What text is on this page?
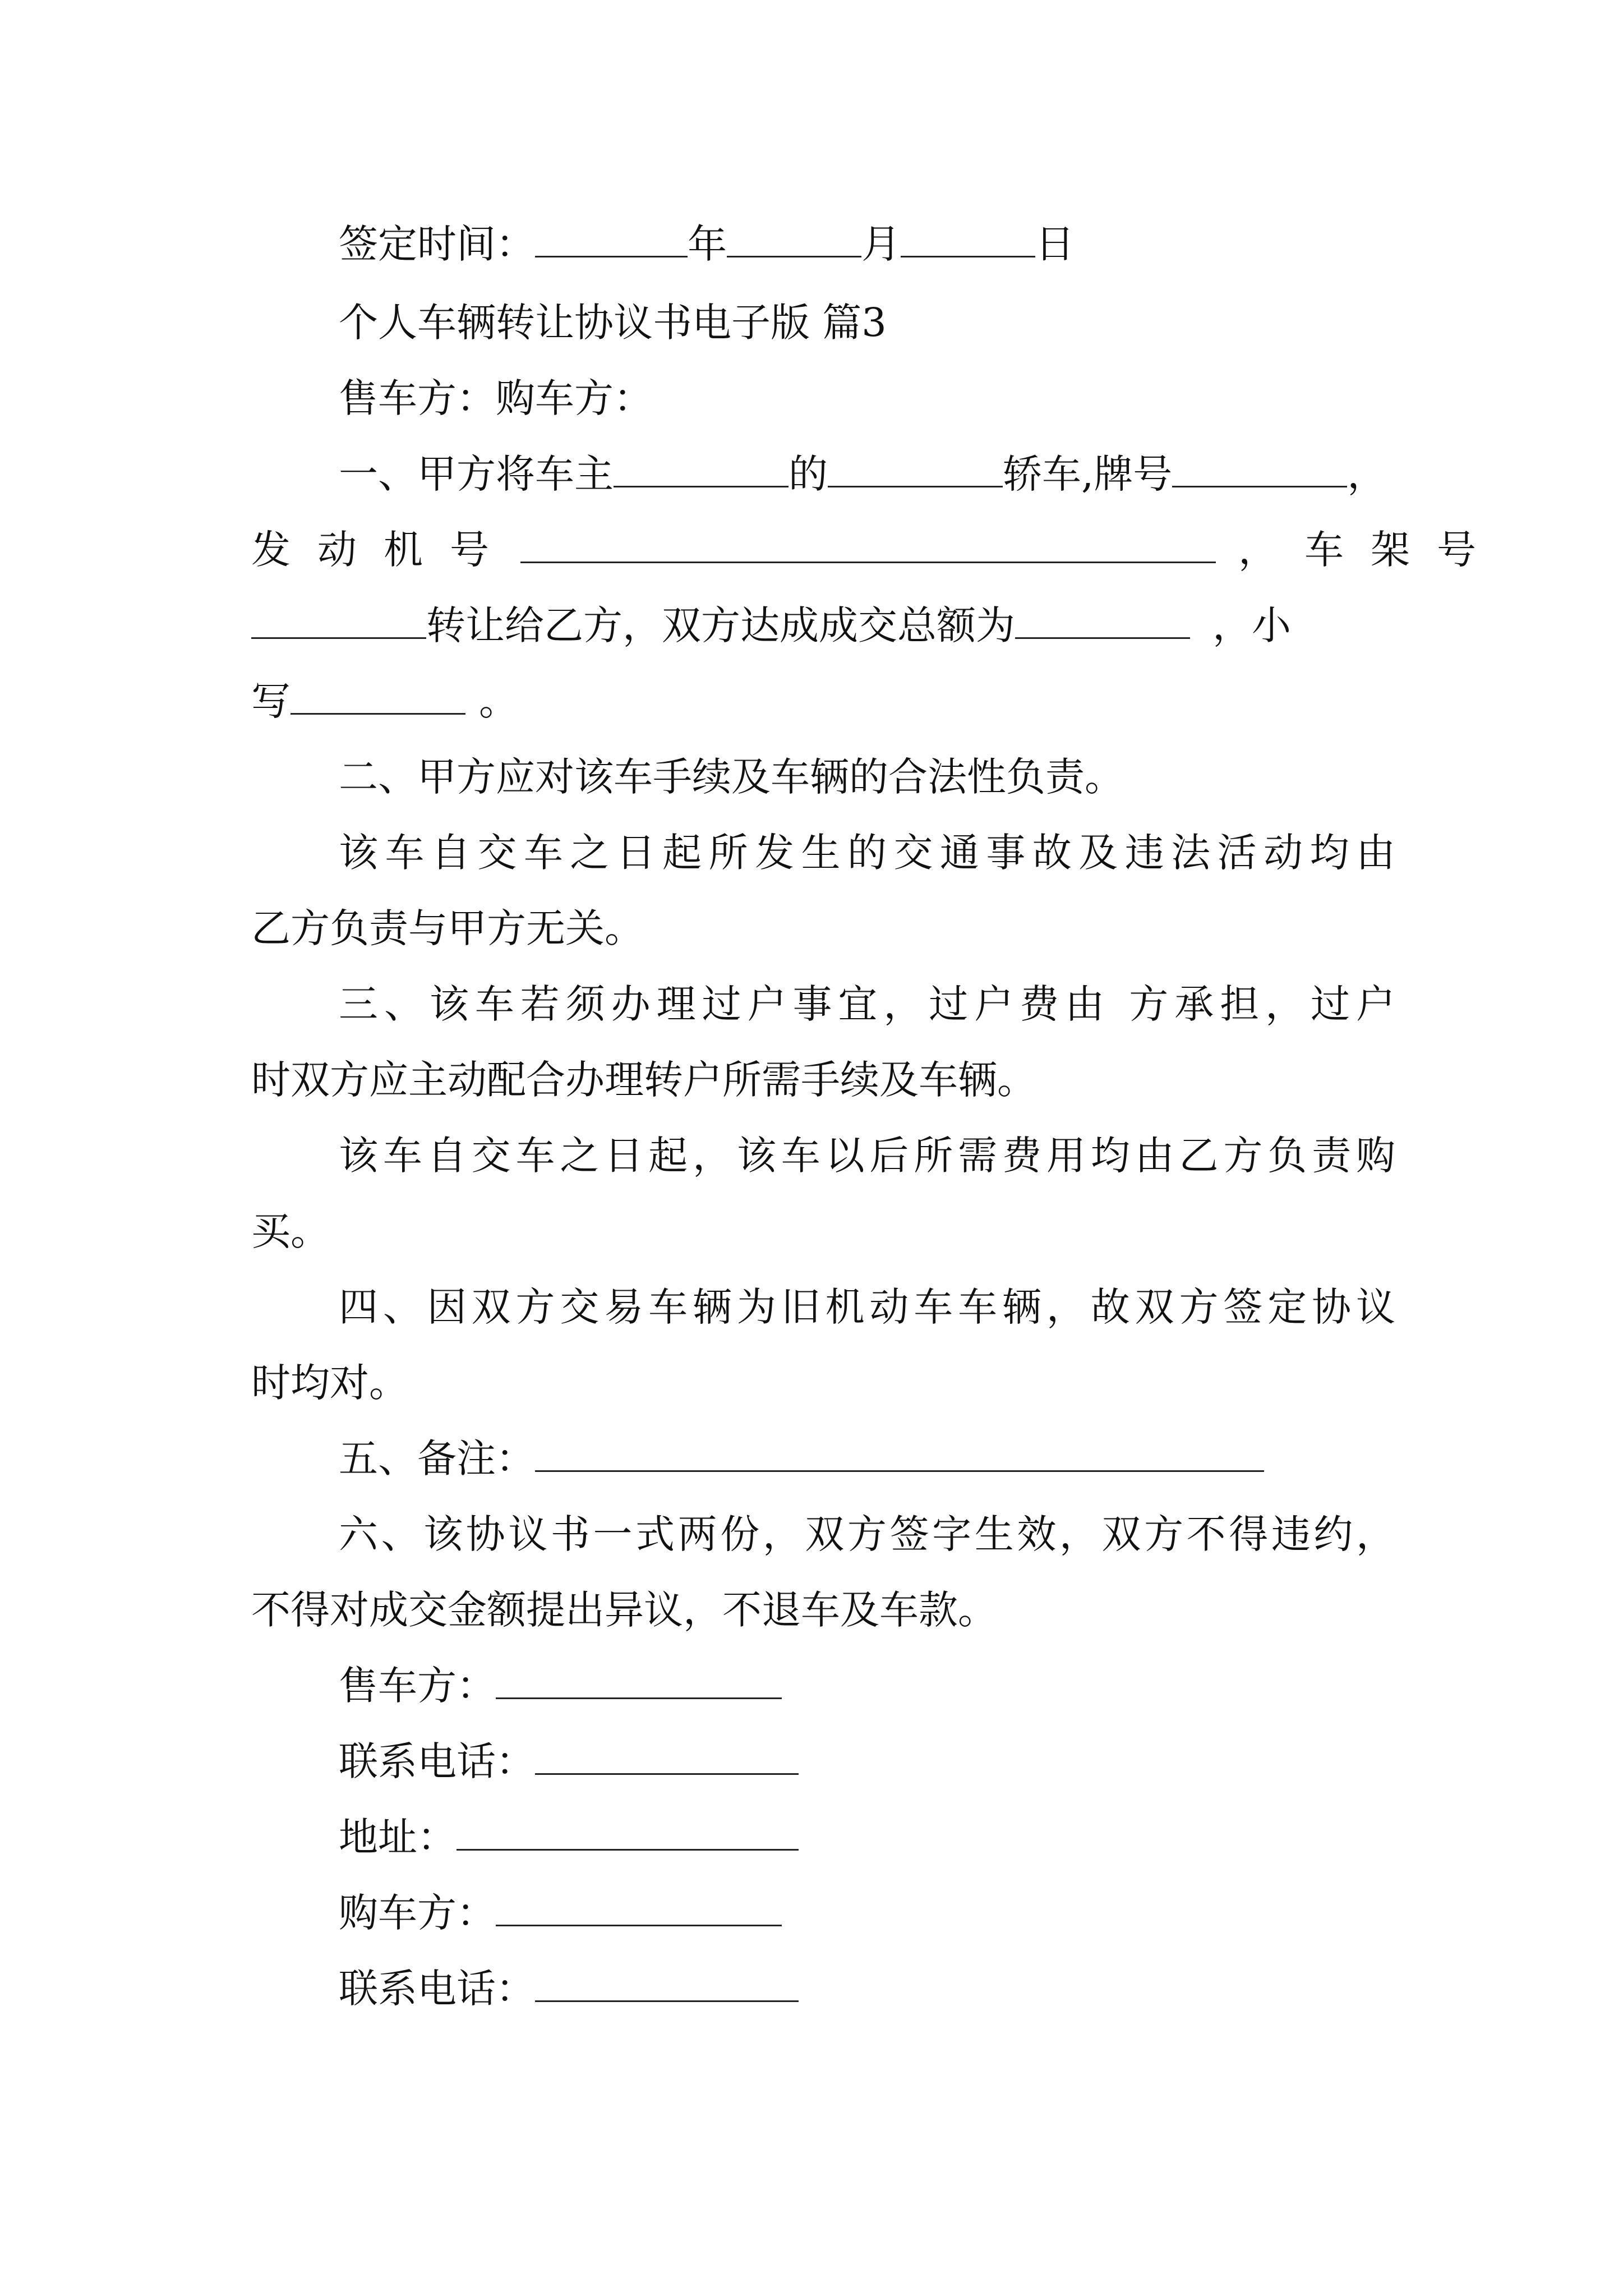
签定时间：	年	月	日
个人车辆转让协议书电子版 篇3
售车方：购车方：
一、甲方将车主	的	轿车,牌号	，
发动机号	，车架号
转让给乙方，双方达成成交总额为	，小
写	。
二、甲方应对该车手续及车辆的合法性负责。
该车自交车之日起所发生的交通事故及违法活动均由
乙方负责与甲方无关。
三、该车若须办理过户事宜，过户费由 方承担，过户
时双方应主动配合办理转户所需手续及车辆。
该车自交车之日起，该车以后所需费用均由乙方负责购
买。
四、因双方交易车辆为旧机动车车辆，故双方签定协议
时均对。
五、备注：
六、该协议书一式两份，双方签字生效，双方不得违约，
不得对成交金额提出异议，不退车及车款。
售车方：
联系电话：
地址：
购车方：
联系电话：
